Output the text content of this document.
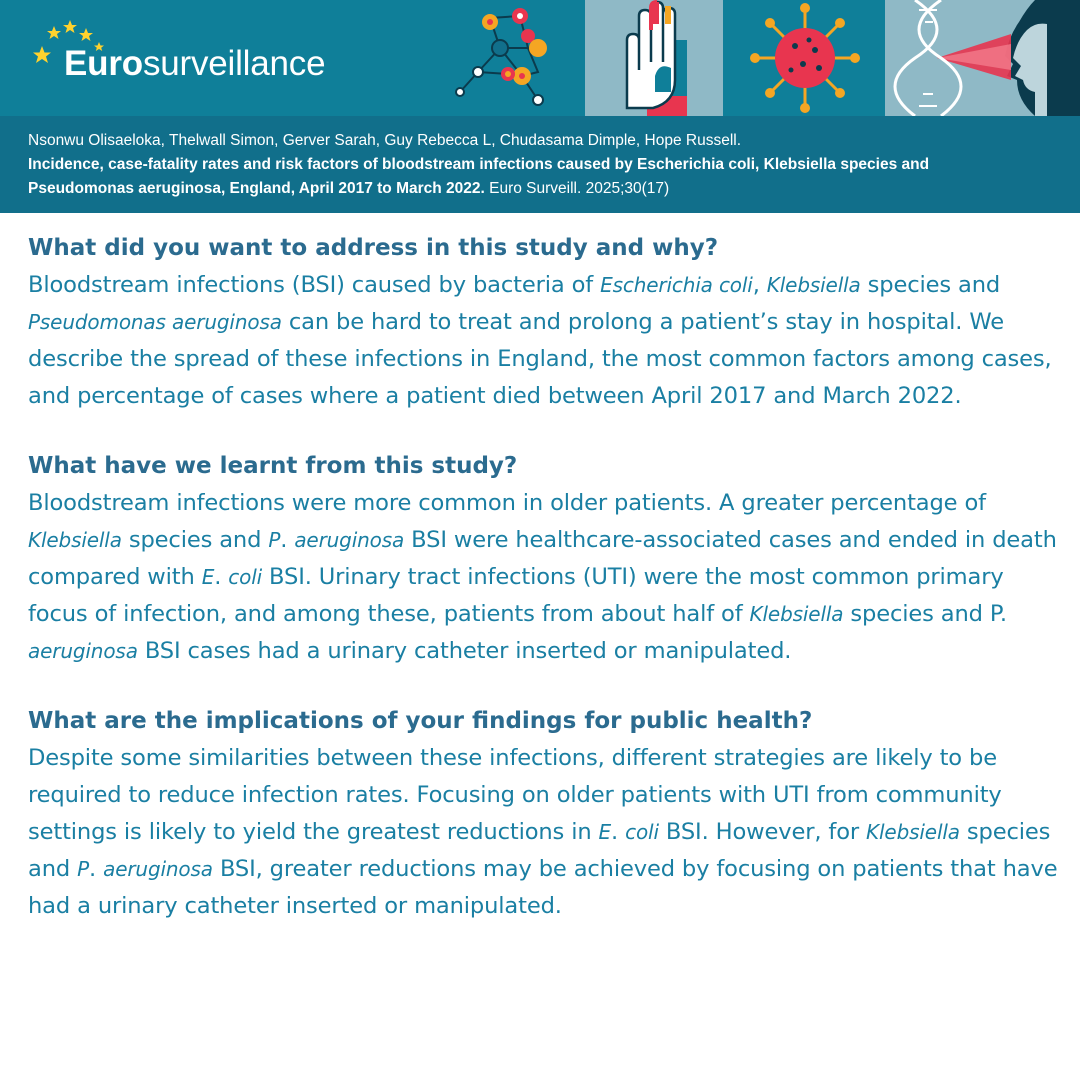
Eurosurveillance
Nsonwu Olisaeloka, Thelwall Simon, Gerver Sarah, Guy Rebecca L, Chudasama Dimple, Hope Russell.
Incidence, case-fatality rates and risk factors of bloodstream infections caused by Escherichia coli, Klebsiella species and
Pseudomonas aeruginosa, England, April 2017 to March 2022. Euro Surveill. 2025;30(17)
What did you want to address in this study and why?
Bloodstream infections (BSI) caused by bacteria of Escherichia coli, Klebsiella species and Pseudomonas aeruginosa can be hard to treat and prolong a patient’s stay in hospital. We describe the spread of these infections in England, the most common factors among cases, and percentage of cases where a patient died between April 2017 and March 2022.
What have we learnt from this study?
Bloodstream infections were more common in older patients. A greater percentage of Klebsiella species and P. aeruginosa BSI were healthcare-associated cases and ended in death compared with E. coli BSI. Urinary tract infections (UTI) were the most common primary focus of infection, and among these, patients from about half of Klebsiella species and P. aeruginosa BSI cases had a urinary catheter inserted or manipulated.
What are the implications of your findings for public health?
Despite some similarities between these infections, different strategies are likely to be required to reduce infection rates. Focusing on older patients with UTI from community settings is likely to yield the greatest reductions in E. coli BSI. However, for Klebsiella species and P. aeruginosa BSI, greater reductions may be achieved by focusing on patients that have had a urinary catheter inserted or manipulated.
